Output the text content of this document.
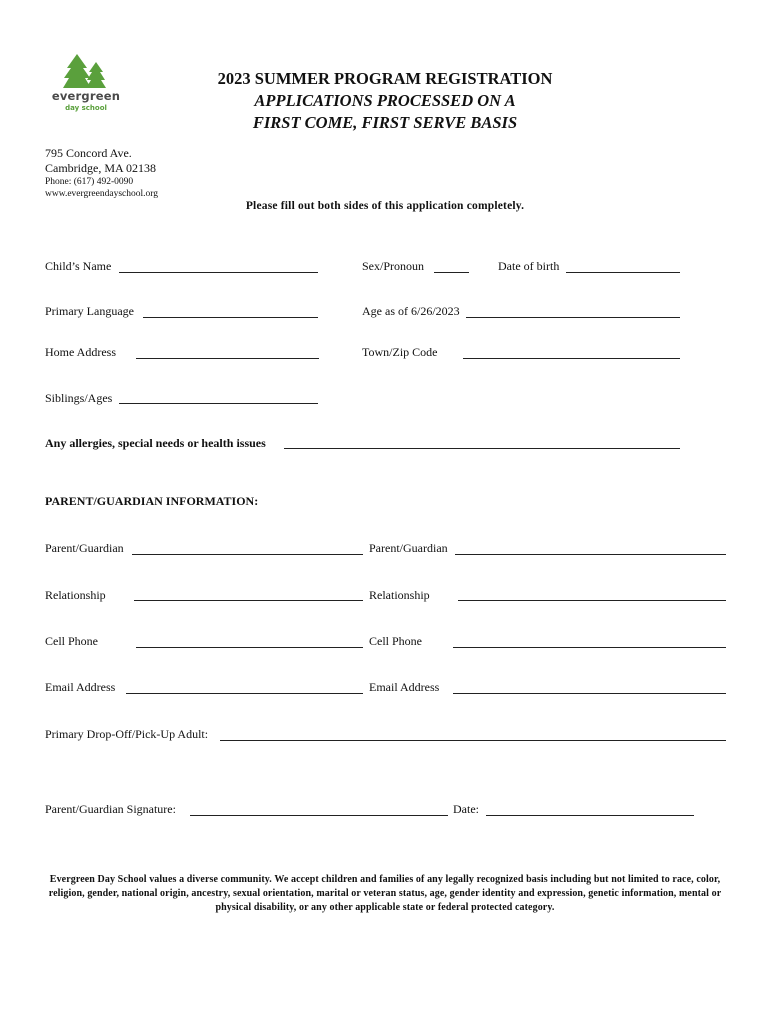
evergreen
day school
2023 SUMMER PROGRAM REGISTRATION
APPLICATIONS PROCESSED ON A
FIRST COME, FIRST SERVE BASIS
795 Concord Ave.
Cambridge, MA 02138
Phone: (617) 492-0090
www.evergreendayschool.org
Please fill out both sides of this application completely.
Child’s Name	Sex/Pronoun	Date of birth
Primary Language	Age as of 6/26/2023
Home Address	Town/Zip Code
Siblings/Ages
Any allergies, special needs or health issues
PARENT/GUARDIAN INFORMATION:
Parent/Guardian	Parent/Guardian
Relationship	Relationship
Cell Phone	Cell Phone
Email Address	Email Address
Primary Drop-Off/Pick-Up Adult:
Parent/Guardian Signature:	Date:
Evergreen Day School values a diverse community. We accept children and families of any legally recognized basis including but not limited to race, color, religion, gender, national origin, ancestry, sexual orientation, marital or veteran status, age, gender identity and expression, genetic information, mental or physical disability, or any other applicable state or federal protected category.
